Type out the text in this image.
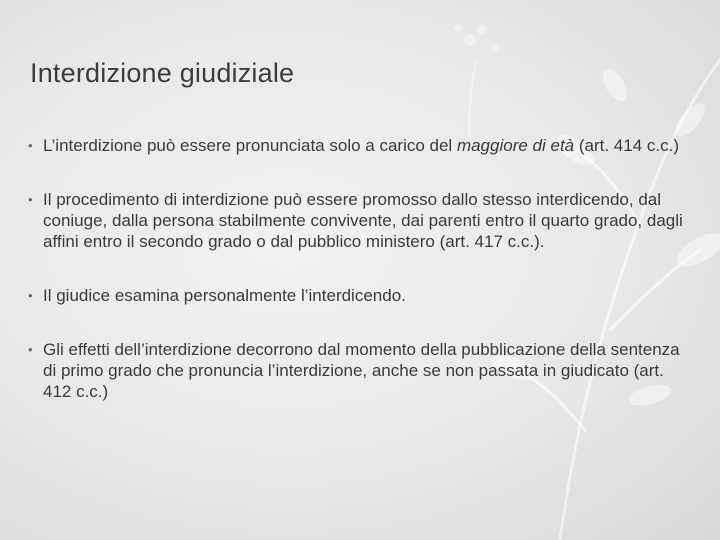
Interdizione giudiziale
• L’interdizione può essere pronunciata solo a carico del maggiore di età (art. 414 c.c.)
• Il procedimento di interdizione può essere promosso dallo stesso interdicendo, dal coniuge, dalla persona stabilmente convivente, dai parenti entro il quarto grado, dagli affini entro il secondo grado o dal pubblico ministero (art. 417 c.c.).
• Il giudice esamina personalmente l’interdicendo.
• Gli effetti dell’interdizione decorrono dal momento della pubblicazione della sentenza di primo grado che pronuncia l’interdizione, anche se non passata in giudicato (art. 412 c.c.)
